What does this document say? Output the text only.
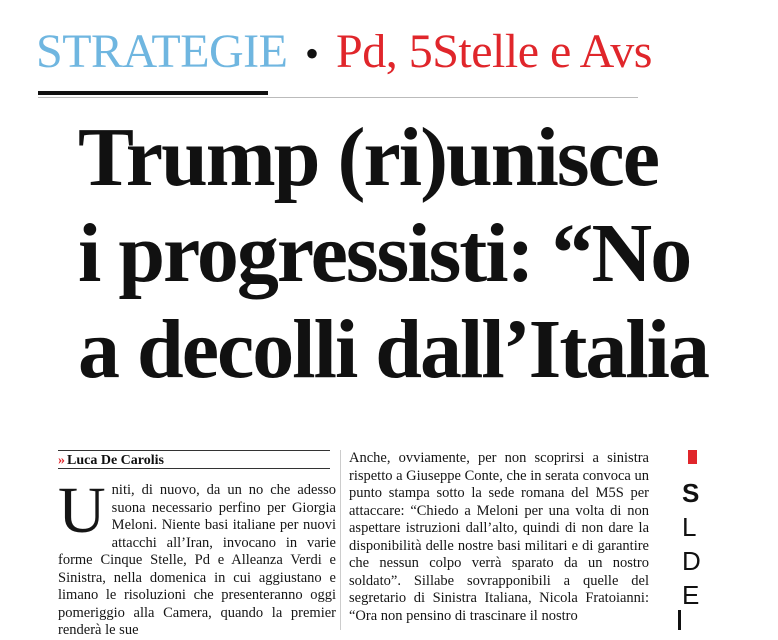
STRATEGIE • Pd, 5Stelle e Avs
Trump (ri)unisce
i progressisti: “No
a decolli dall’Italia
» Luca De Carolis

Uniti, di nuovo, da un no che adesso suona necessario perfino per Giorgia Meloni. Niente basi italiane per nuovi attacchi all’Iran, invocano in varie forme Cinque Stelle, Pd e Alleanza Verdi e Sinistra, nella domenica in cui aggiustano e limano le risoluzioni che presenteranno oggi pomeriggio alla Camera, quando la premier renderà le sue

Anche, ovviamente, per non scoprirsi a sinistra rispetto a Giuseppe Conte, che in serata convoca un punto stampa sotto la sede romana del M5S per attaccare: “Chiedo a Meloni per una volta di non aspettare istruzioni dall’alto, quindi di non dare la disponibilità delle nostre basi militari e di garantire che nessun colpo verrà sparato da un nostro soldato”. Sillabe sovrapponibili a quelle del segretario di Sinistra Italiana, Nicola Fratoianni: “Ora non pensino di trascinare il nostro

S
L
D
E
